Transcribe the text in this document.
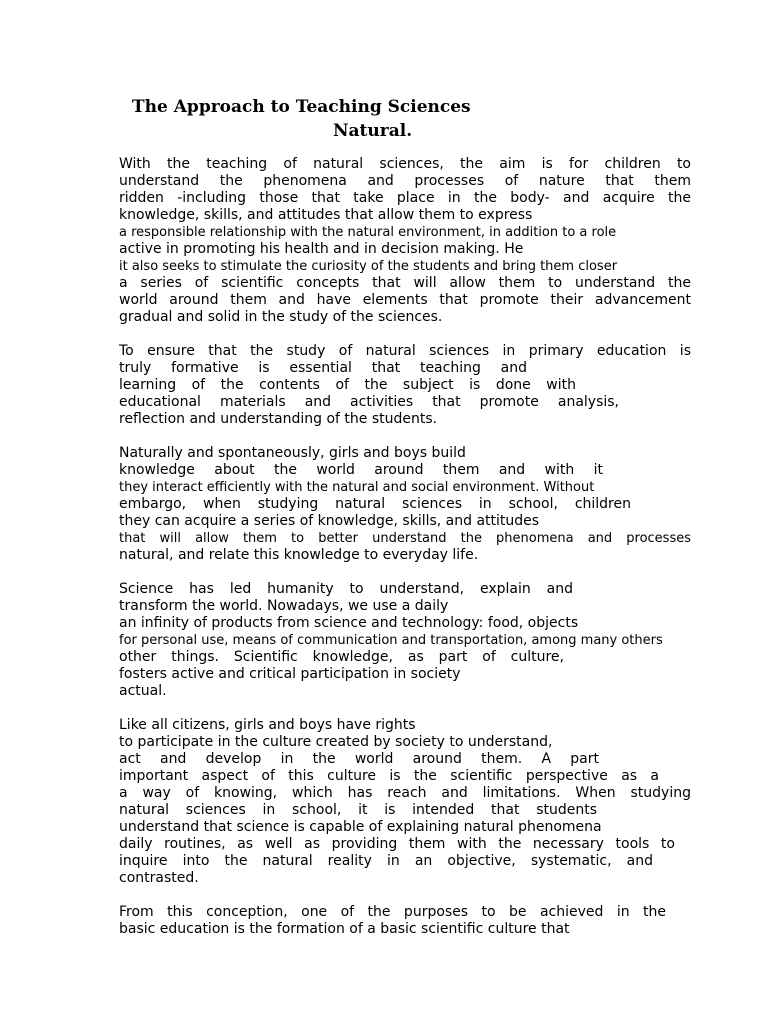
The Approach to Teaching Sciences
Natural.

With the teaching of natural sciences, the aim is for children to
understand the phenomena and processes of nature that them
ridden -including those that take place in the body- and acquire the
knowledge, skills, and attitudes that allow them to express
a responsible relationship with the natural environment, in addition to a role
active in promoting his health and in decision making. He
it also seeks to stimulate the curiosity of the students and bring them closer
a series of scientific concepts that will allow them to understand the
world around them and have elements that promote their advancement
gradual and solid in the study of the sciences.

To ensure that the study of natural sciences in primary education is
truly formative is essential that teaching and
learning of the contents of the subject is done with
educational materials and activities that promote analysis,
reflection and understanding of the students.

Naturally and spontaneously, girls and boys build
knowledge about the world around them and with it
they interact efficiently with the natural and social environment. Without
embargo, when studying natural sciences in school, children
they can acquire a series of knowledge, skills, and attitudes
that will allow them to better understand the phenomena and processes
natural, and relate this knowledge to everyday life.

Science has led humanity to understand, explain and
transform the world. Nowadays, we use a daily
an infinity of products from science and technology: food, objects
for personal use, means of communication and transportation, among many others
other things. Scientific knowledge, as part of culture,
fosters active and critical participation in society
actual.

Like all citizens, girls and boys have rights
to participate in the culture created by society to understand,
act and develop in the world around them. A part
important aspect of this culture is the scientific perspective as a
a way of knowing, which has reach and limitations. When studying
natural sciences in school, it is intended that students
understand that science is capable of explaining natural phenomena
daily routines, as well as providing them with the necessary tools to
inquire into the natural reality in an objective, systematic, and
contrasted.

From this conception, one of the purposes to be achieved in the
basic education is the formation of a basic scientific culture that
